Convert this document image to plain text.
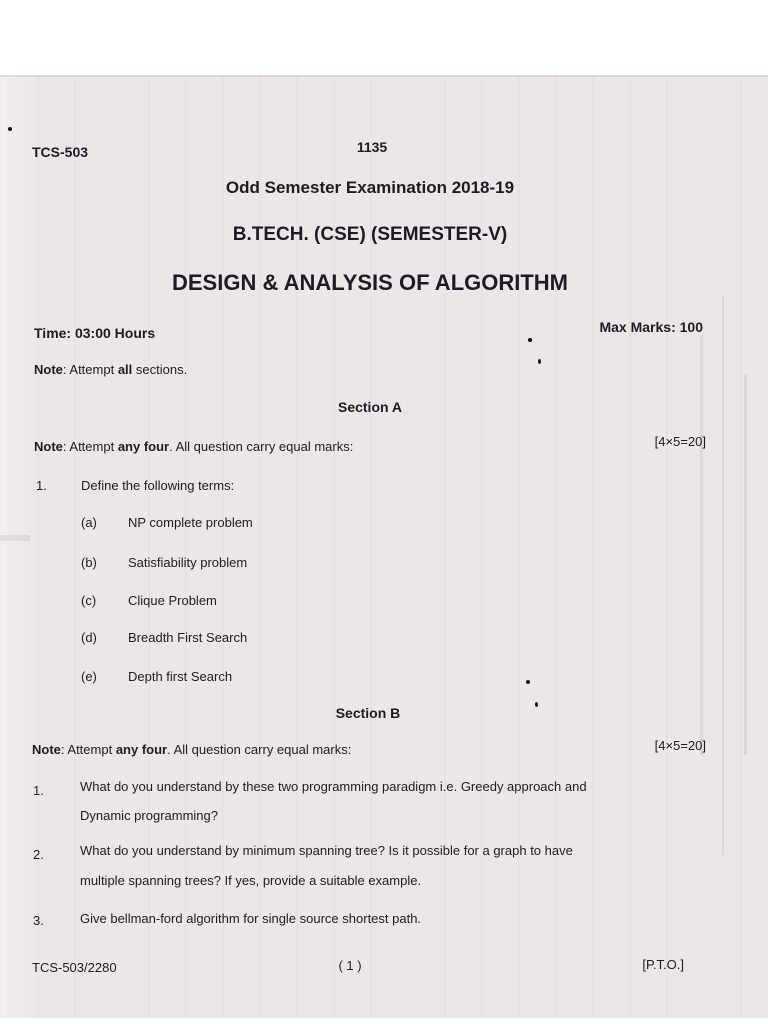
TCS-503	1135
Odd Semester Examination 2018-19
B.TECH. (CSE) (SEMESTER-V)
DESIGN & ANALYSIS OF ALGORITHM
Time: 03:00 Hours	Max Marks: 100
Note: Attempt all sections.
Section A
Note: Attempt any four. All question carry equal marks:	[4×5=20]
1.	Define the following terms:
(a) NP complete problem
(b) Satisfiability problem
(c) Clique Problem
(d) Breadth First Search
(e) Depth first Search
Section B
Note: Attempt any four. All question carry equal marks:	[4×5=20]
1.	What do you understand by these two programming paradigm i.e. Greedy approach and
Dynamic programming?
2.	What do you understand by minimum spanning tree? Is it possible for a graph to have
multiple spanning trees? If yes, provide a suitable example.
3.	Give bellman-ford algorithm for single source shortest path.
TCS-503/2280	( 1 )	[P.T.O.]
